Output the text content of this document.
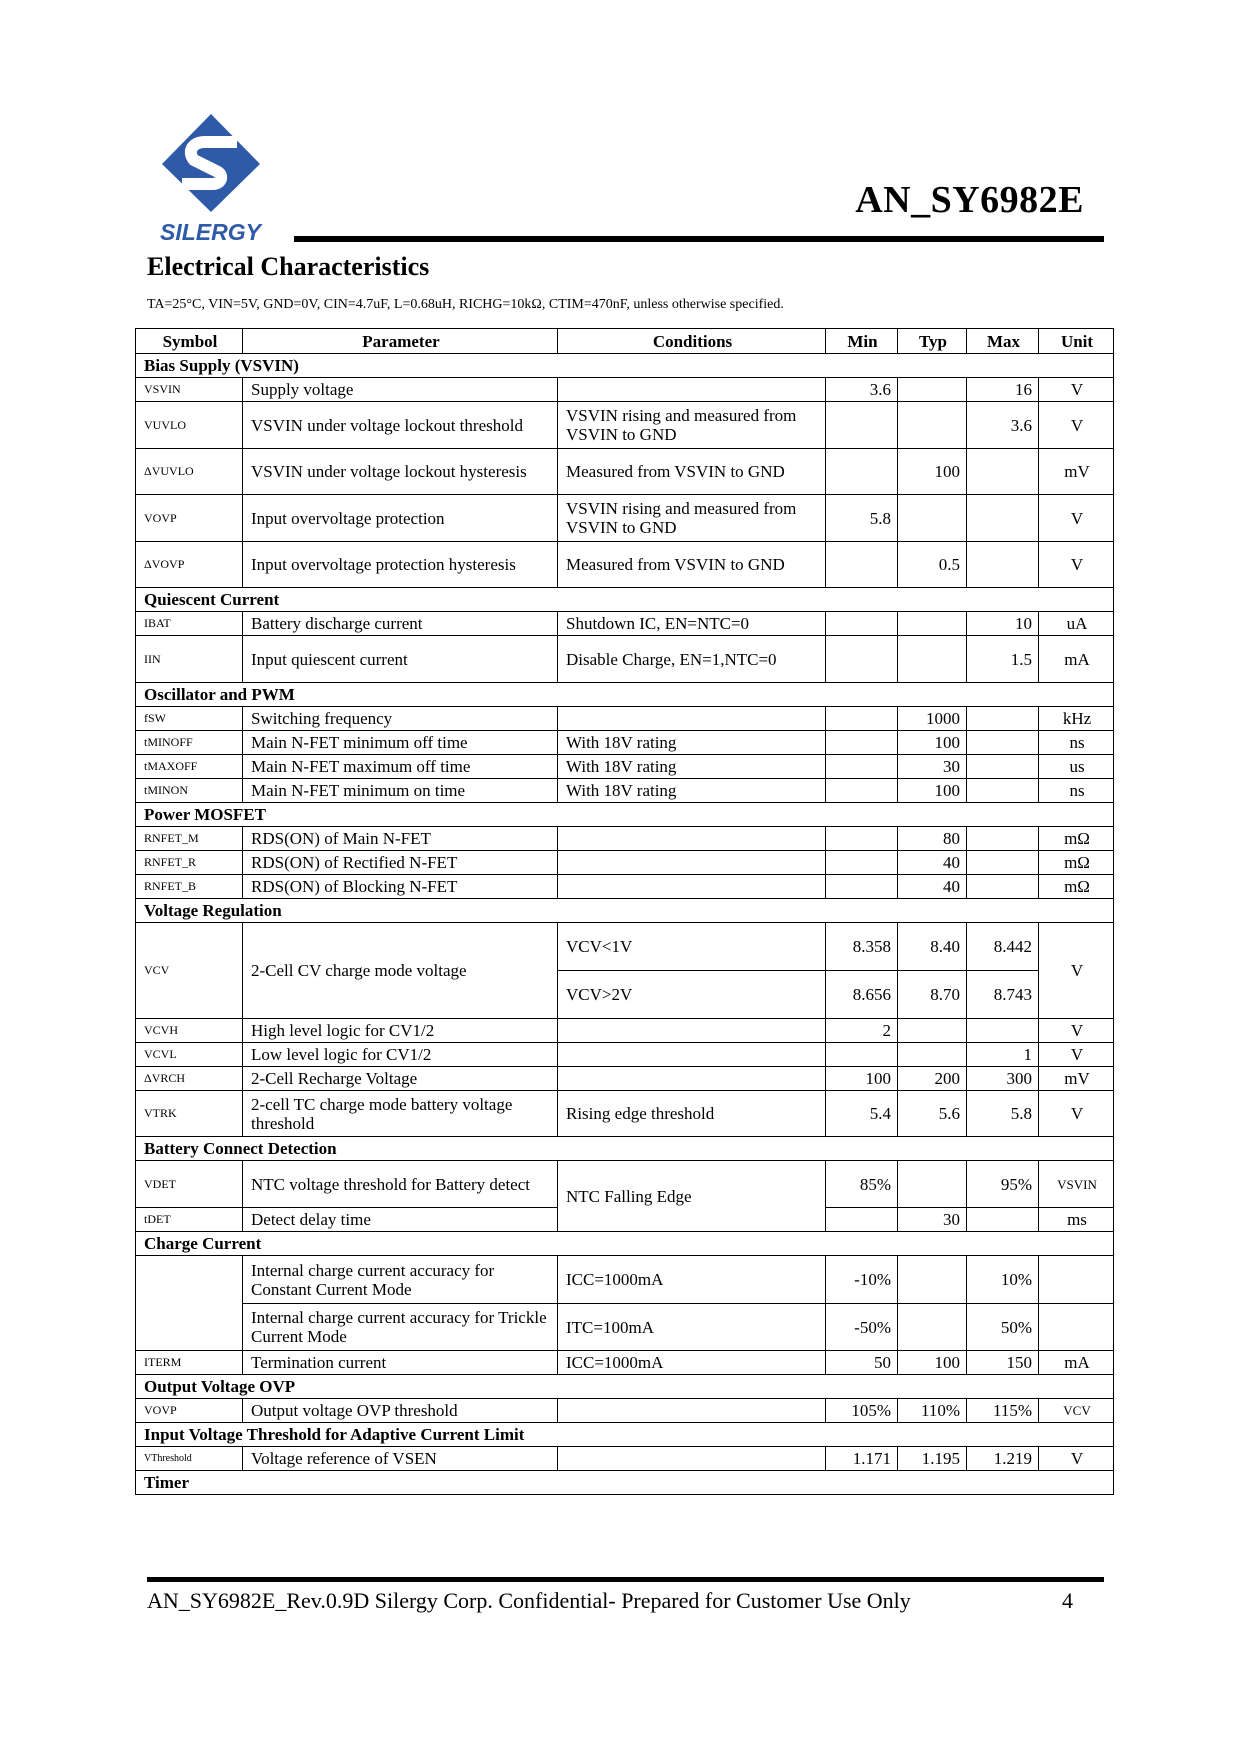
SILERGY
AN_SY6982E
Electrical Characteristics
TA=25°C, VIN=5V, GND=0V, CIN=4.7uF, L=0.68uH, RICHG=10kΩ, CTIM=470nF, unless otherwise specified.
Symbol	Parameter	Conditions	Min	Typ	Max	Unit
Bias Supply (VSVIN)						
VSVIN	Supply voltage		3.6		16	V
VUVLO	VSVIN under voltage lockout threshold	VSVIN rising and measured from VSVIN to GND			3.6	V
ΔVUVLO	VSVIN under voltage lockout hysteresis	Measured from VSVIN to GND		100		mV
VOVP	Input overvoltage protection	VSVIN rising and measured from VSVIN to GND	5.8			V
ΔVOVP	Input overvoltage protection hysteresis	Measured from VSVIN to GND		0.5		V
Quiescent Current						
IBAT	Battery discharge current	Shutdown IC, EN=NTC=0			10	uA
IIN	Input quiescent current	Disable Charge, EN=1,NTC=0			1.5	mA
Oscillator and PWM						
fSW	Switching frequency			1000		kHz
tMINOFF	Main N-FET minimum off time	With 18V rating		100		ns
tMAXOFF	Main N-FET maximum off time	With 18V rating		30		us
tMINON	Main N-FET minimum on time	With 18V rating		100		ns
Power MOSFET						
RNFET_M	RDS(ON) of Main N-FET			80		mΩ
RNFET_R	RDS(ON) of Rectified N-FET			40		mΩ
RNFET_B	RDS(ON) of Blocking N-FET			40		mΩ
Voltage Regulation						
VCV	2-Cell CV charge mode voltage	VCV<1V	8.358	8.40	8.442	V
		VCV>2V	8.656	8.70	8.743	
VCVH	High level logic for CV1/2		2			V
VCVL	Low level logic for CV1/2				1	V
ΔVRCH	2-Cell Recharge Voltage		100	200	300	mV
VTRK	2-cell TC charge mode battery voltage threshold	Rising edge threshold	5.4	5.6	5.8	V
Battery Connect Detection						
VDET	NTC voltage threshold for Battery detect	NTC Falling Edge	85%		95%	VSVIN
tDET	Detect delay time			30		ms
Charge Current						
	Internal charge current accuracy for Constant Current Mode	ICC=1000mA	-10%		10%	
	Internal charge current accuracy for Trickle Current Mode	ITC=100mA	-50%		50%	
ITERM	Termination current	ICC=1000mA	50	100	150	mA
Output Voltage OVP						
VOVP	Output voltage OVP threshold		105%	110%	115%	VCV
Input Voltage Threshold for Adaptive Current Limit						
VThreshold	Voltage reference of VSEN		1.171	1.195	1.219	V
Timer						
AN_SY6982E_Rev.0.9D Silergy Corp. Confidential- Prepared for Customer Use Only	4
